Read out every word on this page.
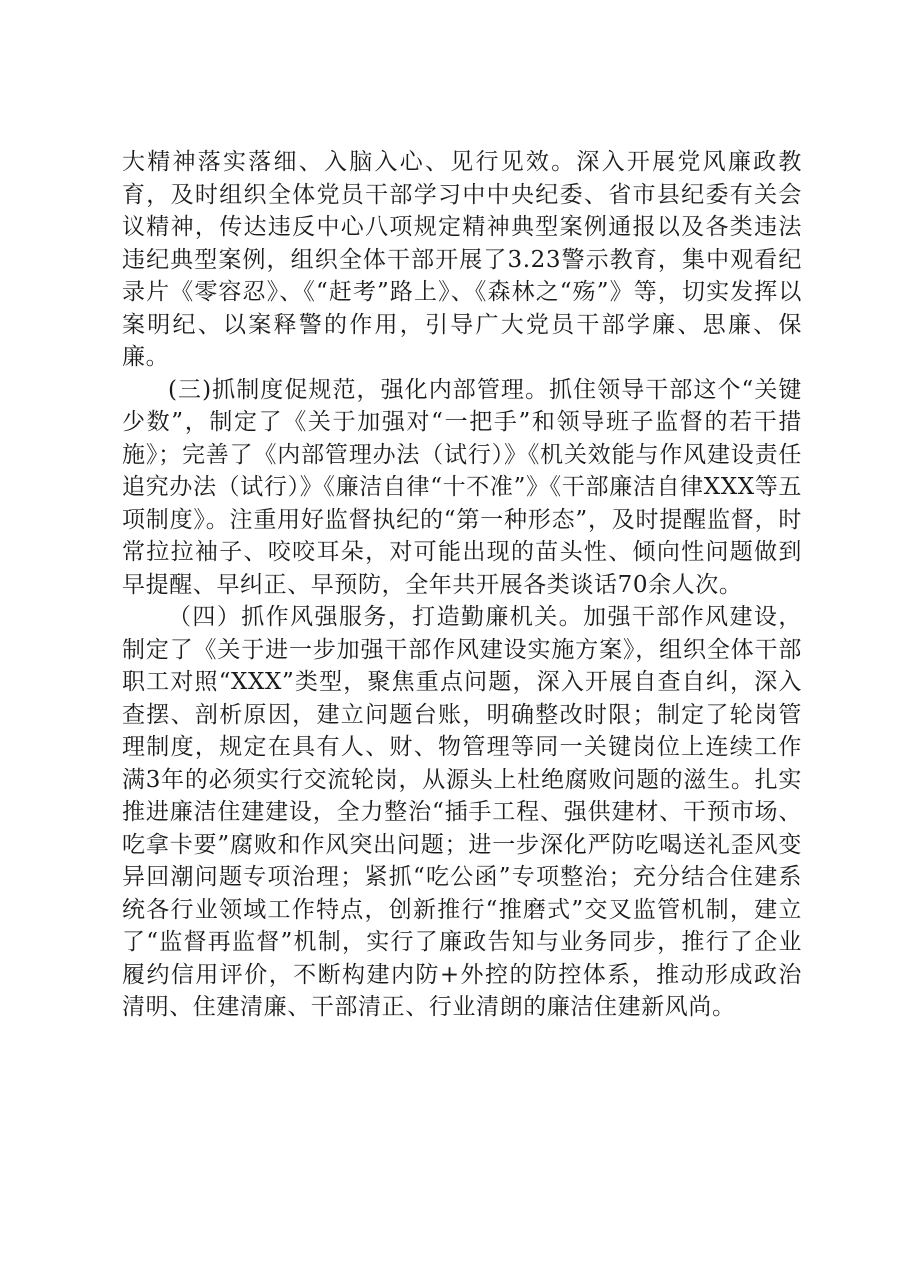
大精神落实落细、入脑入心、见行见效。深入开展党风廉政教育，及时组织全体党员干部学习中中央纪委、省市县纪委有关会议精神，传达违反中心八项规定精神典型案例通报以及各类违法违纪典型案例，组织全体干部开展了3.23警示教育，集中观看纪录片《零容忍》、《“赶考”路上》、《森林之“殇”》等，切实发挥以案明纪、以案释警的作用，引导广大党员干部学廉、思廉、保廉。

(三)抓制度促规范，强化内部管理。抓住领导干部这个“关键少数”，制定了《关于加强对“一把手”和领导班子监督的若干措施》；完善了《内部管理办法（试行）》《机关效能与作风建设责任追究办法（试行）》《廉洁自律“十不准”》《干部廉洁自律XXX等五项制度》。注重用好监督执纪的“第一种形态”，及时提醒监督，时常拉拉袖子、咬咬耳朵，对可能出现的苗头性、倾向性问题做到早提醒、早纠正、早预防，全年共开展各类谈话70余人次。

（四）抓作风强服务，打造勤廉机关。加强干部作风建设，制定了《关于进一步加强干部作风建设实施方案》，组织全体干部职工对照“XXX”类型，聚焦重点问题，深入开展自查自纠，深入查摆、剖析原因，建立问题台账，明确整改时限；制定了轮岗管理制度，规定在具有人、财、物管理等同一关键岗位上连续工作满3年的必须实行交流轮岗，从源头上杜绝腐败问题的滋生。扎实推进廉洁住建建设，全力整治“插手工程、强供建材、干预市场、吃拿卡要”腐败和作风突出问题；进一步深化严防吃喝送礼歪风变异回潮问题专项治理；紧抓“吃公函”专项整治；充分结合住建系统各行业领域工作特点，创新推行“推磨式”交叉监管机制，建立了“监督再监督”机制，实行了廉政告知与业务同步，推行了企业履约信用评价，不断构建内防+外控的防控体系，推动形成政治清明、住建清廉、干部清正、行业清朗的廉洁住建新风尚。
